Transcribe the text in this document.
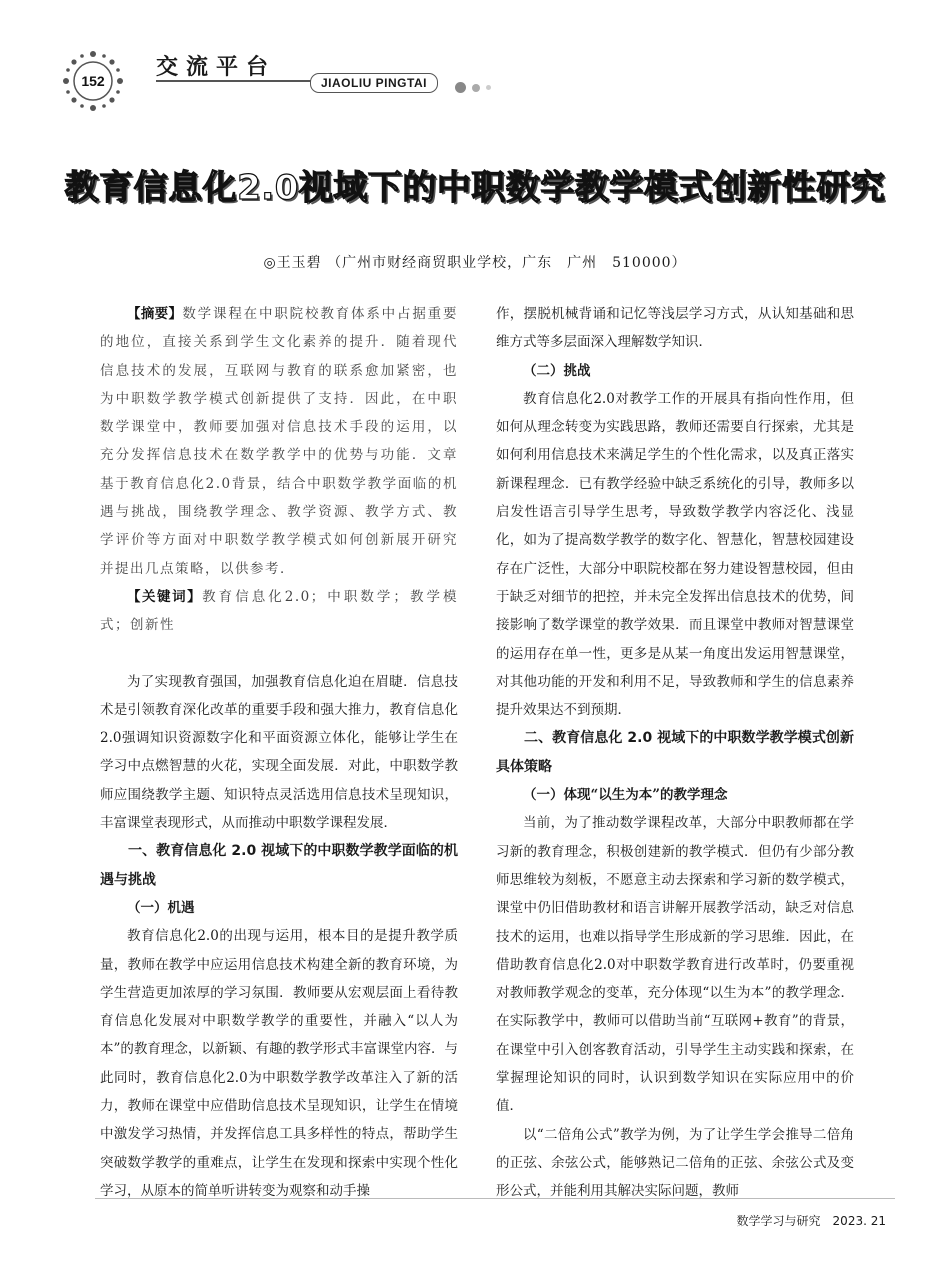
152
交流平台
JIAOLIU PINGTAI
教育信息化2.0视域下的中职数学教学模式创新性研究
◎王玉碧 （广州市财经商贸职业学校，广东　广州　510000）

【摘要】数学课程在中职院校教育体系中占据重要的地位，直接关系到学生文化素养的提升．随着现代信息技术的发展，互联网与教育的联系愈加紧密，也为中职数学教学模式创新提供了支持．因此，在中职数学课堂中，教师要加强对信息技术手段的运用，以充分发挥信息技术在数学教学中的优势与功能．文章基于教育信息化2.0背景，结合中职数学教学面临的机遇与挑战，围绕教学理念、教学资源、教学方式、教学评价等方面对中职数学教学模式如何创新展开研究并提出几点策略，以供参考．

【关键词】教育信息化2.0；中职数学；教学模式；创新性

为了实现教育强国，加强教育信息化迫在眉睫．信息技术是引领教育深化改革的重要手段和强大推力，教育信息化2.0强调知识资源数字化和平面资源立体化，能够让学生在学习中点燃智慧的火花，实现全面发展．对此，中职数学教师应围绕教学主题、知识特点灵活选用信息技术呈现知识，丰富课堂表现形式，从而推动中职数学课程发展．

一、教育信息化 2.0 视域下的中职数学教学面临的机遇与挑战

（一）机遇

教育信息化2.0的出现与运用，根本目的是提升教学质量，教师在教学中应运用信息技术构建全新的教育环境，为学生营造更加浓厚的学习氛围．教师要从宏观层面上看待教育信息化发展对中职数学教学的重要性，并融入“以人为本”的教育理念，以新颖、有趣的教学形式丰富课堂内容．与此同时，教育信息化2.0为中职数学教学改革注入了新的活力，教师在课堂中应借助信息技术呈现知识，让学生在情境中激发学习热情，并发挥信息工具多样性的特点，帮助学生突破数学教学的重难点，让学生在发现和探索中实现个性化学习，从原本的简单听讲转变为观察和动手操

作，摆脱机械背诵和记忆等浅层学习方式，从认知基础和思维方式等多层面深入理解数学知识．

（二）挑战

教育信息化2.0对教学工作的开展具有指向性作用，但如何从理念转变为实践思路，教师还需要自行探索，尤其是如何利用信息技术来满足学生的个性化需求，以及真正落实新课程理念．已有教学经验中缺乏系统化的引导，教师多以启发性语言引导学生思考，导致数学教学内容泛化、浅显化，如为了提高数学教学的数字化、智慧化，智慧校园建设存在广泛性，大部分中职院校都在努力建设智慧校园，但由于缺乏对细节的把控，并未完全发挥出信息技术的优势，间接影响了数学课堂的教学效果．而且课堂中教师对智慧课堂的运用存在单一性，更多是从某一角度出发运用智慧课堂，对其他功能的开发和利用不足，导致教师和学生的信息素养提升效果达不到预期．

二、教育信息化 2.0 视域下的中职数学教学模式创新具体策略

（一）体现“以生为本”的教学理念

当前，为了推动数学课程改革，大部分中职教师都在学习新的教育理念，积极创建新的教学模式．但仍有少部分教师思维较为刻板，不愿意主动去探索和学习新的数学模式，课堂中仍旧借助教材和语言讲解开展教学活动，缺乏对信息技术的运用，也难以指导学生形成新的学习思维．因此，在借助教育信息化2.0对中职数学教育进行改革时，仍要重视对教师教学观念的变革，充分体现“以生为本”的教学理念．在实际教学中，教师可以借助当前“互联网+教育”的背景，在课堂中引入创客教育活动，引导学生主动实践和探索，在掌握理论知识的同时，认识到数学知识在实际应用中的价值．

以“二倍角公式”教学为例，为了让学生学会推导二倍角的正弦、余弦公式，能够熟记二倍角的正弦、余弦公式及变形公式，并能利用其解决实际问题，教师

数学学习与研究　2023. 21
